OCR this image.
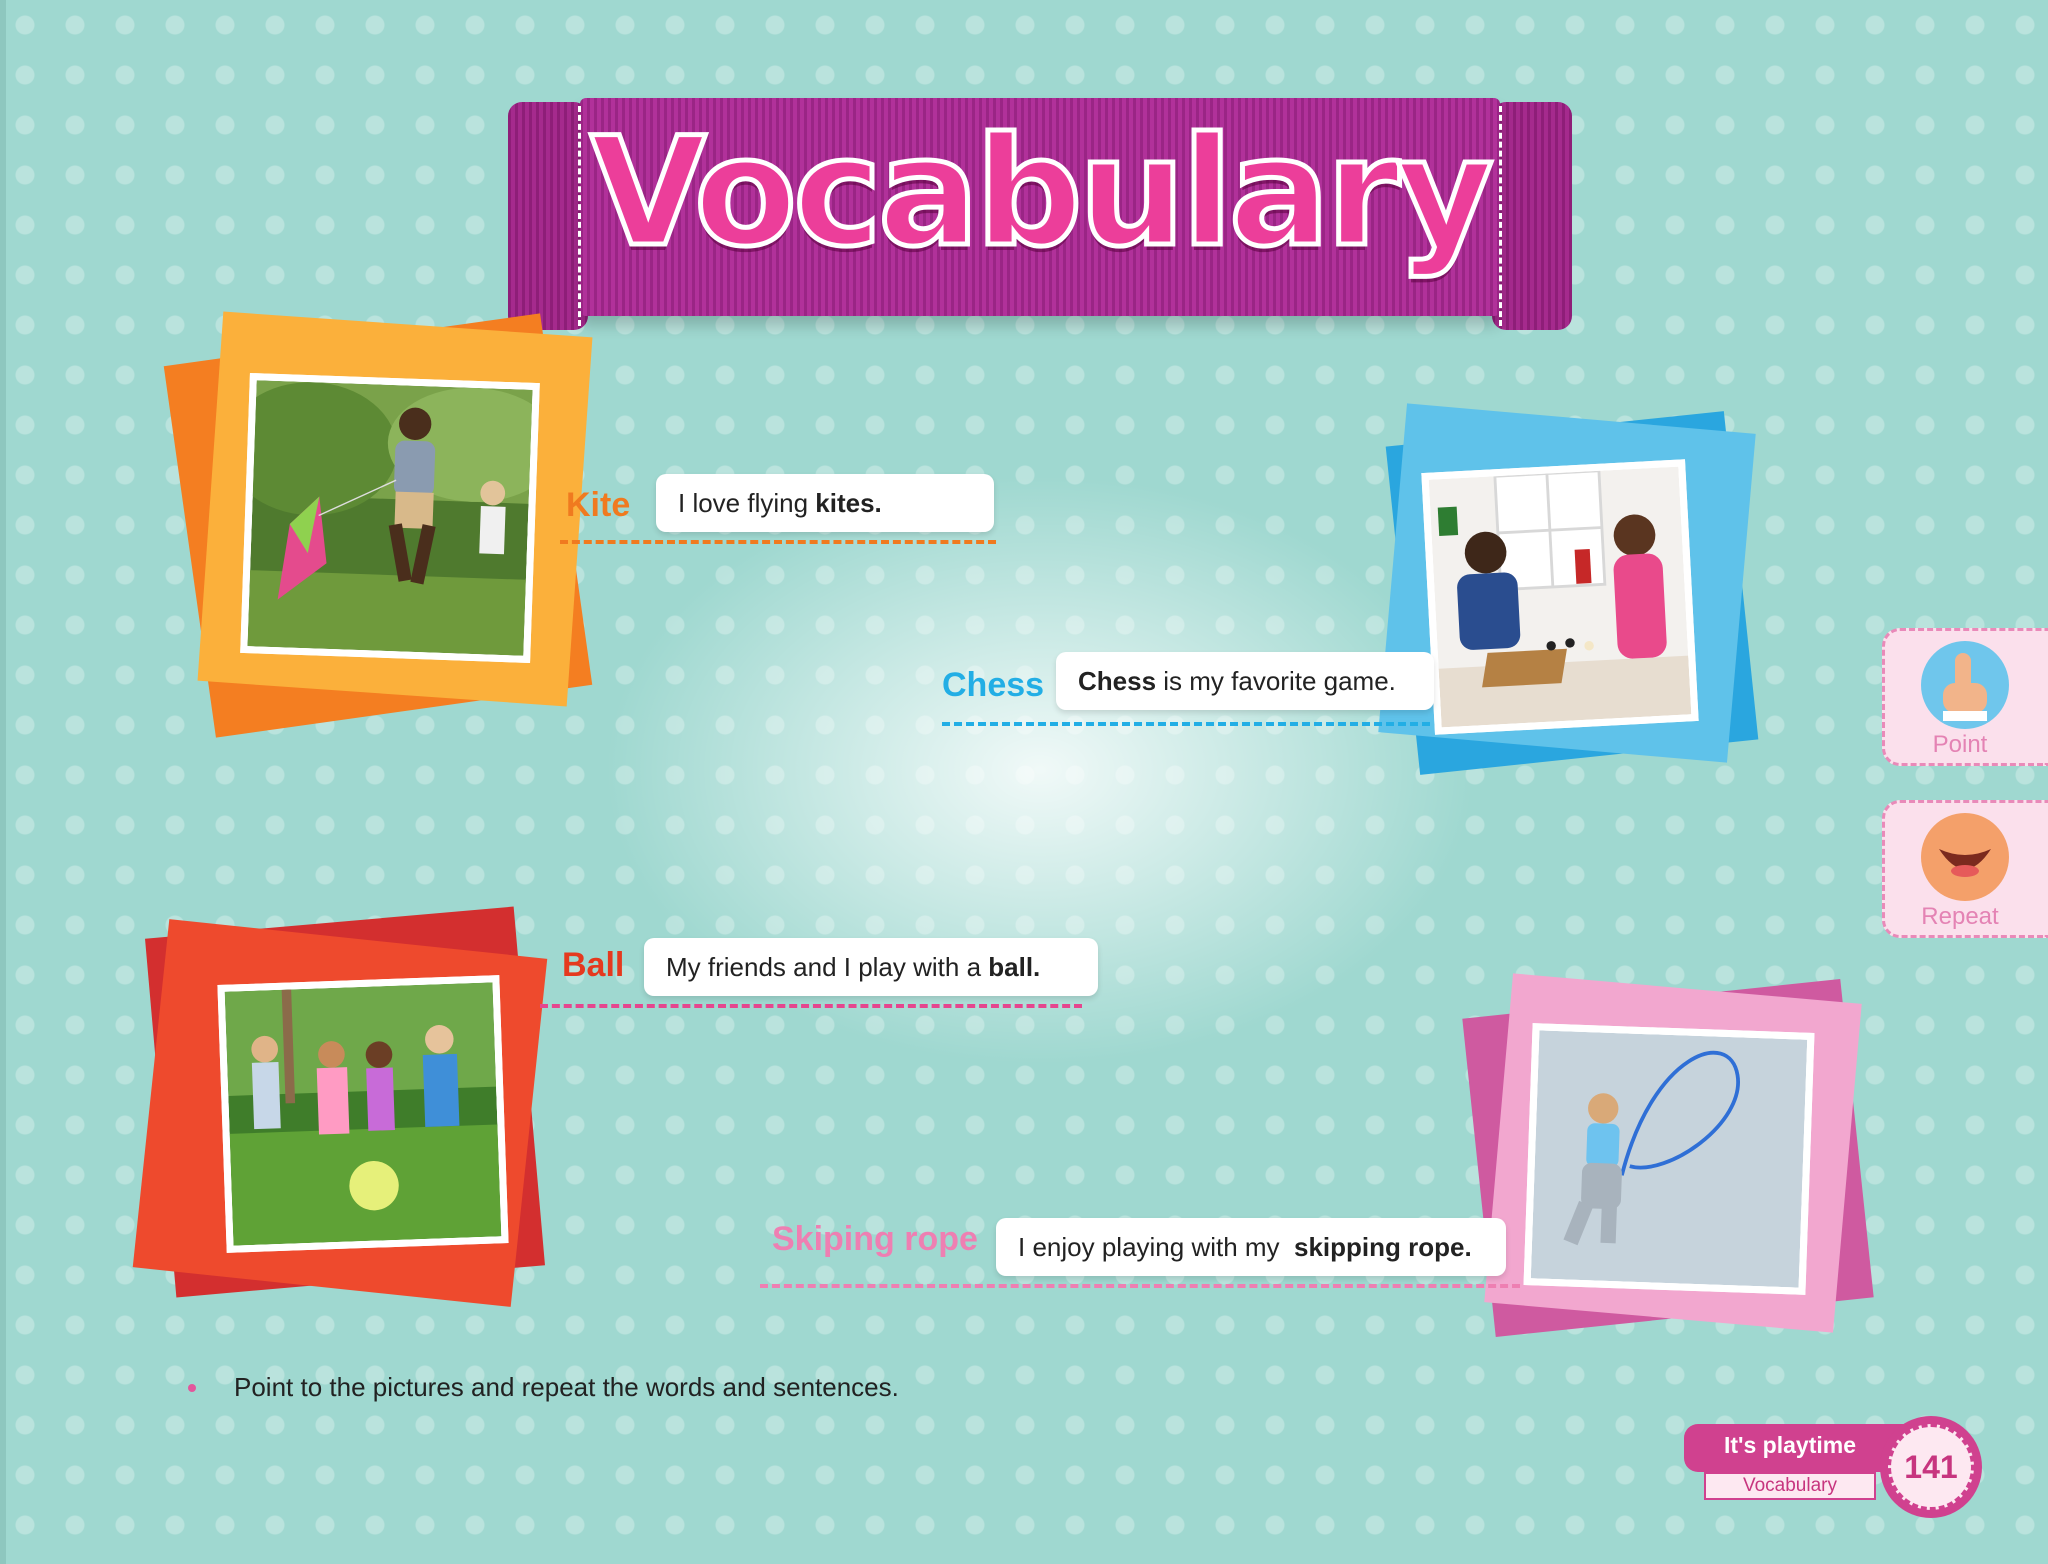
Vocabulary
Kite I love flying kites.
Chess Chess is my favorite game.
Ball My friends and I play with a ball.
Skiping rope I enjoy playing with my skipping rope.
Point
Repeat
Point to the pictures and repeat the words and sentences.
It's playtime
Vocabulary
141
